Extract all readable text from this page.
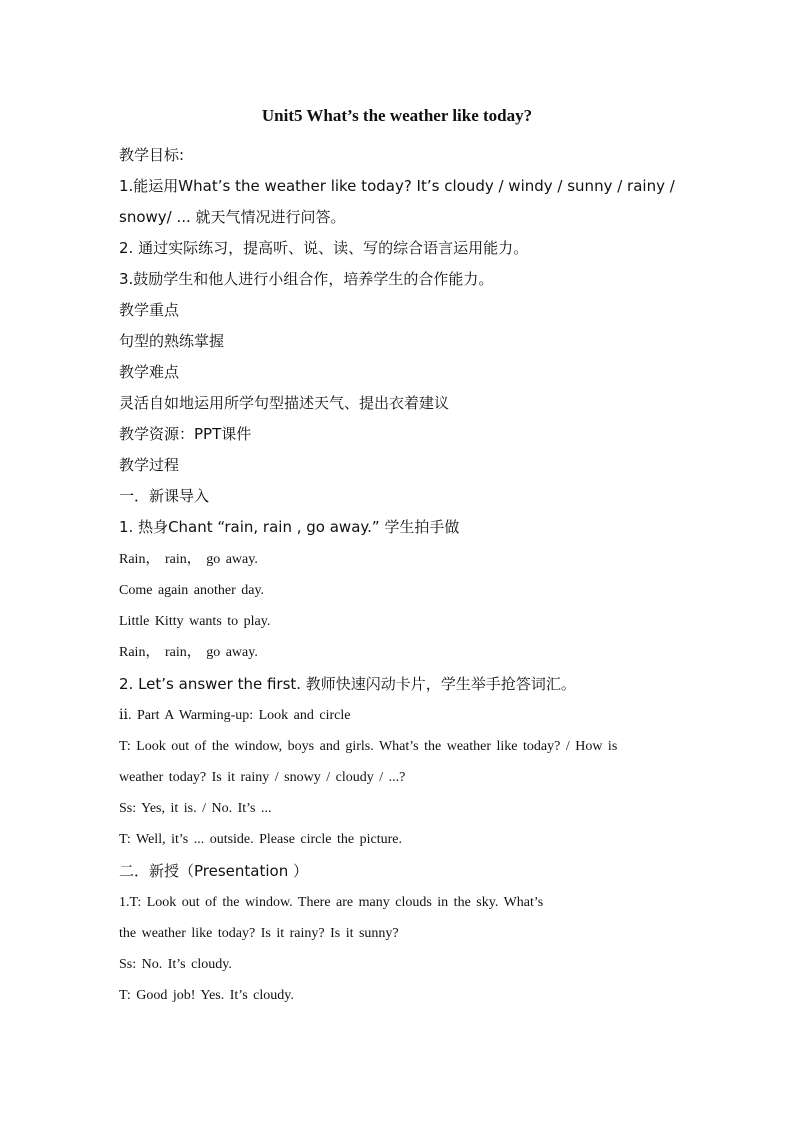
Unit5 What’s the weather like today?
教学目标:
1.能运用What’s the weather like today? It’s cloudy / windy / sunny / rainy /
snowy/ ... 就天气情况进行问答。
2. 通过实际练习，提高听、说、读、写的综合语言运用能力。
3.鼓励学生和他人进行小组合作，培养学生的合作能力。
教学重点
句型的熟练掌握
教学难点
灵活自如地运用所学句型描述天气、提出衣着建议
教学资源：PPT课件
教学过程
一．新课导入
1. 热身Chant “rain, rain , go away.” 学生拍手做
Rain， rain， go away.
Come again another day.
Little Kitty wants to play.
Rain， rain， go away.
2. Let’s answer the first. 教师快速闪动卡片，学生举手抢答词汇。
ⅱ. Part A Warming-up: Look and circle
T: Look out of the window, boys and girls. What’s the weather like today? / How is
weather today? Is it rainy / snowy / cloudy / ...?
Ss: Yes, it is. / No. It’s ...
T: Well, it’s ... outside. Please circle the picture.
二．新授（Presentation ）
1.T: Look out of the window. There are many clouds in the sky. What’s
the weather like today? Is it rainy? Is it sunny?
Ss: No. It’s cloudy.
T: Good job! Yes. It’s cloudy.
